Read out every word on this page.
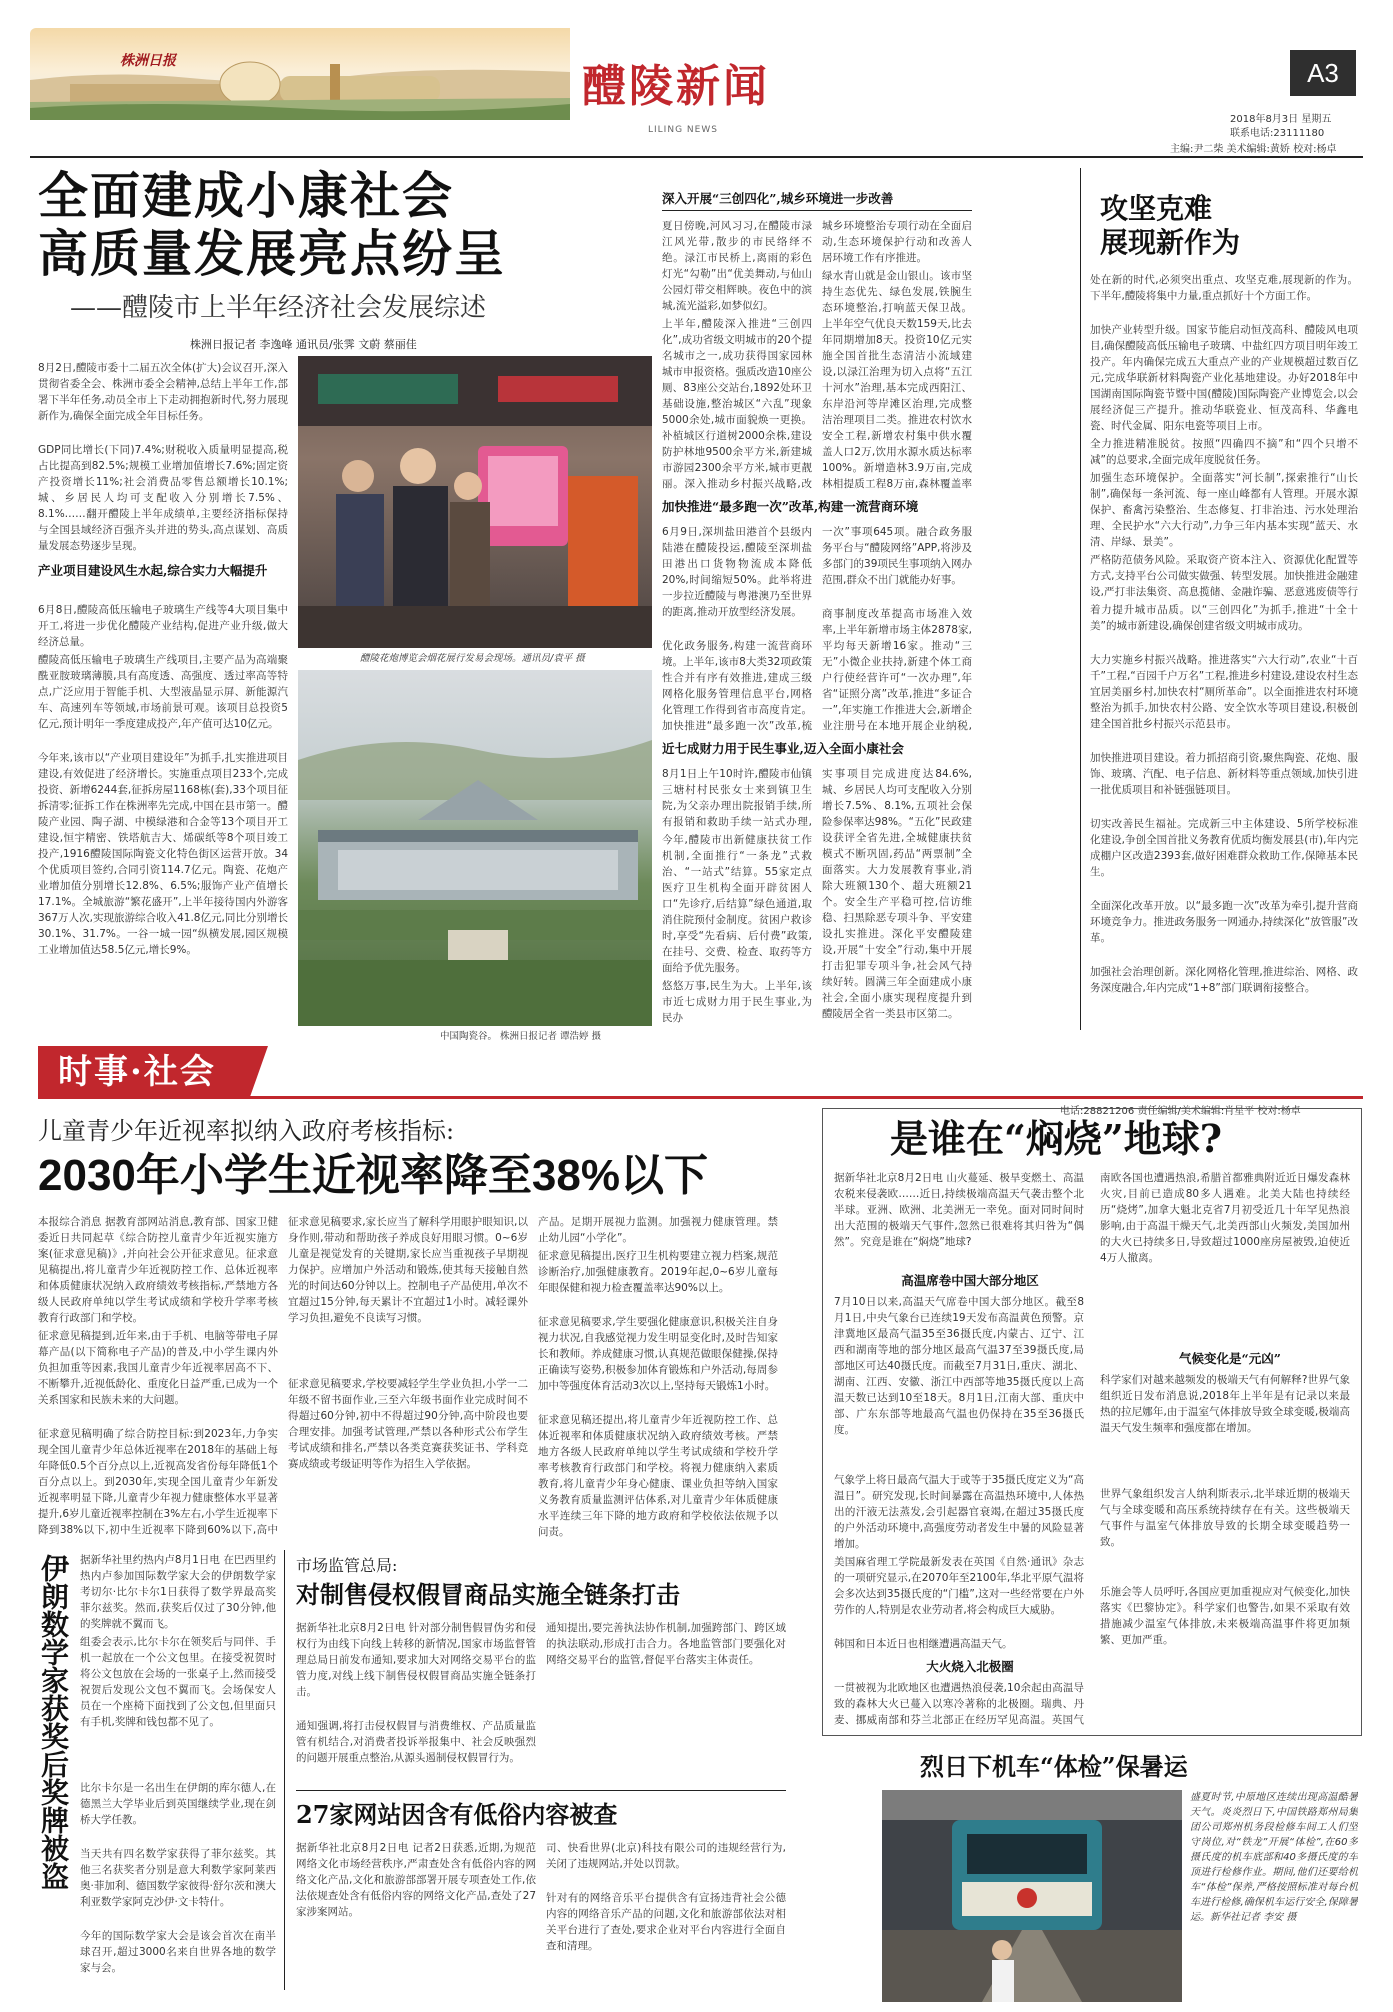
株洲日报	醴陵新闻
LILING NEWS
A3
2018年8月3日 星期五
联系电话:23111180
主编:尹二柴 美术编辑:黄娇 校对:杨卓
全面建成小康社会
高质量发展亮点纷呈
——醴陵市上半年经济社会发展综述
株洲日报记者 李逸峰 通讯员/张霁 文蔚 蔡丽佳
8月2日,醴陵市委十二届五次全体(扩大)会议召开,深入贯彻省委全会、株洲市委全会精神,总结上半年工作,部署下半年任务,动员全市上下走动拥抱新时代,努力展现新作为,确保全面完成全年目标任务。
GDP同比增长(下同)7.4%;财税收入质量明显提高,税占比提高到82.5%;规模工业增加值增长7.6%;固定资产投资增长11%;社会消费品零售总额增长10.1%;城、乡居民人均可支配收入分别增长7.5%、8.1%……翻开醴陵上半年成绩单,主要经济指标保持与全国县域经济百强齐头并进的势头,高点谋划、高质量发展态势逐步呈现。
产业项目建设风生水起,综合实力大幅提升
6月8日,醴陵高低压输电子玻璃生产线等4大项目集中开工,将进一步优化醴陵产业结构,促进产业升级,做大经济总量。
醴陵高低压输电子玻璃生产线项目,主要产品为高端聚酰亚胺玻璃薄膜,具有高度透、高强度、透过率高等特点,广泛应用于智能手机、大型液晶显示屏、新能源汽车、高速列车等领域,市场前景可观。该项目总投资5亿元,预计明年一季度建成投产,年产值可达10亿元。
今年来,该市以“产业项目建设年”为抓手,扎实推进项目建设,有效促进了经济增长。实施重点项目233个,完成投资、新增6244套,征拆房屋1168栋(套),33个项目征拆清零;征拆工作在株洲率先完成,中国在县市第一。醴陵产业园、陶子湖、中模绿港和合金等13个项目开工建设,恒宇精密、铁塔航吉大、烯碳纸等8个项目竣工投产,1916醴陵国际陶瓷文化特色街区运营开放。34个优质项目签约,合同引资114.7亿元。陶瓷、花炮产业增加值分别增长12.8%、6.5%;服饰产业产值增长17.1%。全城旅游“繁花盛开”,上半年接待国内外游客367万人次,实现旅游综合收入41.8亿元,同比分别增长30.1%、31.7%。一谷一城一园“纵横发展,园区规模工业增加值达58.5亿元,增长9%。
醴陵花炮博览会烟花展行发易会现场。通讯员/袁平 摄
中国陶瓷谷。 株洲日报记者 谭浩婷 摄
深入开展“三创四化”,城乡环境进一步改善
夏日傍晚,河风习习,在醴陵市渌江风光带,散步的市民络绎不绝。渌江市民桥上,离雨的彩色灯光“勾勒”出“优美舞动,与仙山公园灯带交相辉映。夜色中的滨城,流光溢彩,如梦似幻。
上半年,醴陵深入推进“三创四化”,成功省级文明城市的20个提名城市之一,成功获得国家园林城市申报资格。强质改造10座公厕、83座公交站台,1892处环卫基础设施,整治城区“六乱”现象5000余处,城市面貌焕一更换。补植城区行道树2000余株,建设防护林地9500余平方米,新建城市游园2300余平方米,城市更靓丽。深入推动乡村振兴战略,改
加快推进“最多跑一次”改革,构建一流营商环境
6月9日,深圳盐田港首个县级内陆港在醴陵投运,醴陵至深圳盐田港出口货物物流成本降低20%,时间缩短50%。此举将进一步拉近醴陵与粤港澳乃至世界的距离,推动开放型经济发展。
优化政务服务,构建一流营商环境。上半年,该市8大类32项政策性合并有序有效推进,建成三级网格化服务管理信息平台,网格化管理工作得到省市高度肯定。加快推进“最多跑一次”改革,梳
近七成财力用于民生事业,迈入全面小康社会
8月1日上午10时许,醴陵市仙镇三塘村村民张女士来到镇卫生院,为父亲办理出院报销手续,所有报销和救助手续一站式办理,
今年,醴陵市出新健康扶贫工作机制,全面推行“一条龙”式救治、“一站式”结算。55家定点医疗卫生机构全面开辟贫困人口“先诊疗,后结算”绿色通道,取消住院预付金制度。贫困户救诊时,享受“先看病、后付费”政策,在挂号、交费、检查、取药等方面给予优先服务。
悠悠万事,民生为大。上半年,该市近七成财力用于民生事业,为民办
城乡环境整治专项行动在全面启动,生态环境保护行动和改善人居环境工作有序推进。
绿水青山就是金山银山。该市坚持生态优先、绿色发展,铁腕生态环境整治,打响蓝天保卫战。上半年空气优良天数159天,比去年同期增加8天。投资10亿元实施全国首批生态清洁小流域建设,以渌江治理为切入点将“五江十河水”治理,基本完成西阳江、东岸沿河等岸滩区治理,完成整洁治理项目二类。推进农村饮水安全工程,新增农村集中供水覆盖人口2万,饮用水源水质达标率100%。新增造林3.9万亩,完成林相提质工程8万亩,森林覆盖率
一次”事项645项。融合政务服务平台与“醴陵网络”APP,将涉及多部门的39项民生事项纳入网办范围,群众不出门就能办好事。
商事制度改革提高市场准入效率,上半年新增市场主体2878家,平均每天新增16家。推动“三无”小微企业扶持,新建个体工商户行使经营许可“一次办理”,年省“证照分离”改革,推进“多证合一”,年实施工作推进大会,新增企业注册号在本地开展企业纳税,
实事项目完成进度达84.6%,城、乡居民人均可支配收入分别增长7.5%、8.1%,五项社会保险参保率达98%。“五化”民政建设获评全省先进,全城健康扶贫模式不断巩固,药品“两票制”全面落实。大力发展教育事业,消除大班额130个、超大班额21个。安全生产平稳可控,信访维稳、扫黑除恶专项斗争、平安建设扎实推进。深化平安醴陵建设,开展“十安全”行动,集中开展打击犯罪专项斗争,社会风气持续好转。圆满三年全面建成小康社会,全面小康实现程度提升到醴陵居全省一类县市区第二。
攻坚克难
展现新作为
处在新的时代,必须突出重点、攻坚克难,展现新的作为。下半年,醴陵将集中力量,重点抓好十个方面工作。
加快产业转型升级。国家节能启动恒茂高科、醴陵风电项目,确保醴陵高低压输电子玻璃、中盐红四方项目明年竣工投产。年内确保完成五大重点产业的产业规模超过数百亿元,完成华联新材料陶瓷产业化基地建设。办好2018年中国湖南国际陶瓷节暨中国(醴陵)国际陶瓷产业博览会,以会展经济促三产提升。推动华联瓷业、恒茂高科、华鑫电瓷、时代金属、阳东电瓷等项目上市。
全力推进精准脱贫。按照“四确四不摘”和“四个只增不减”的总要求,全面完成年度脱贫任务。
加强生态环境保护。全面落实“河长制”,探索推行“山长制”,确保每一条河流、每一座山峰都有人管理。开展水源保护、畜禽污染整治、生态修复、打非治违、污水处理治理、全民护水“六大行动”,力争三年内基本实现“蓝天、水清、岸绿、景美”。
严格防范债务风险。采取资产资本注入、资源优化配置等方式,支持平台公司做实做强、转型发展。加快推进金融建设,严打非法集资、高息揽储、金融诈骗、恶意逃废债等行
着力提升城市品质。以“三创四化”为抓手,推进“十全十美”的城市新建设,确保创建省级文明城市成功。
大力实施乡村振兴战略。推进落实“六大行动”,农业“十百千”工程,“百园千户万名”工程,推进乡村建设,建设农村生态宜居美丽乡村,加快农村“厕所革命”。以全面推进农村环境整治为抓手,加快农村公路、安全饮水等项目建设,积极创建全国首批乡村振兴示范县市。
加快推进项目建设。着力抓招商引资,聚焦陶瓷、花炮、服饰、玻璃、汽配、电子信息、新材料等重点领域,加快引进一批优质项目和补链强链项目。
切实改善民生福祉。完成新三中主体建设、5所学校标准化建设,争创全国首批义务教育优质均衡发展县(市),年内完成棚户区改造2393套,做好困难群众救助工作,保障基本民生。
全面深化改革开放。以“最多跑一次”改革为牵引,提升营商环境竞争力。推进政务服务一网通办,持续深化“放管服”改革。
加强社会治理创新。深化网格化管理,推进综治、网格、政务深度融合,年内完成“1+8”部门联调衔接整合。
时事·社会
电话:28821206 责任编辑/美术编辑:肖星平 校对:杨卓
儿童青少年近视率拟纳入政府考核指标:
2030年小学生近视率降至38%以下
本报综合消息 据教育部网站消息,教育部、国家卫健委近日共同起草《综合防控儿童青少年近视实施方案(征求意见稿)》,并向社会公开征求意见。征求意见稿提出,将儿童青少年近视防控工作、总体近视率和体质健康状况纳入政府绩效考核指标,严禁地方各级人民政府单纯以学生考试成绩和学校升学率考核教育行政部门和学校。
征求意见稿提到,近年来,由于手机、电脑等带电子屏幕产品(以下简称电子产品)的普及,中小学生课内外负担加重等因素,我国儿童青少年近视率居高不下、不断攀升,近视低龄化、重度化日益严重,已成为一个关系国家和民族未来的大问题。
征求意见稿明确了综合防控目标:到2023年,力争实现全国儿童青少年总体近视率在2018年的基础上每年降低0.5个百分点以上,近视高发省份每年降低1个百分点以上。到2030年,实现全国儿童青少年新发近视率明显下降,儿童青少年视力健康整体水平显著提升,6岁儿童近视率控制在3%左右,小学生近视率下降到38%以下,初中生近视率下降到60%以下,高中
征求意见稿要求,家长应当了解科学用眼护眼知识,以身作则,带动和帮助孩子养成良好用眼习惯。0~6岁儿童是视觉发育的关键期,家长应当重视孩子早期视力保护。应增加户外活动和锻炼,使其每天接触自然光的时间达60分钟以上。控制电子产品使用,单次不宜超过15分钟,每天累计不宜超过1小时。减轻课外学习负担,避免不良读写习惯。
征求意见稿要求,学校要减轻学生学业负担,小学一二年级不留书面作业,三至六年级书面作业完成时间不得超过60分钟,初中不得超过90分钟,高中阶段也要合理安排。加强考试管理,严禁以各种形式公布学生考试成绩和排名,严禁以各类竞赛获奖证书、学科竞赛成绩或考级证明等作为招生入学依据。
产品。足期开展视力监测。加强视力健康管理。禁止幼儿园“小学化”。
征求意见稿提出,医疗卫生机构要建立视力档案,规范诊断治疗,加强健康教育。2019年起,0~6岁儿童每年眼保健和视力检查覆盖率达90%以上。
征求意见稿要求,学生要强化健康意识,积极关注自身视力状况,自我感觉视力发生明显变化时,及时告知家长和教师。养成健康习惯,认真规范做眼保健操,保持正确读写姿势,积极参加体育锻炼和户外活动,每周参加中等强度体育活动3次以上,坚持每天锻炼1小时。
征求意见稿还提出,将儿童青少年近视防控工作、总体近视率和体质健康状况纳入政府绩效考核。严禁地方各级人民政府单纯以学生考试成绩和学校升学率考核教育行政部门和学校。将视力健康纳入素质教育,将儿童青少年身心健康、课业负担等纳入国家义务教育质量监测评估体系,对儿童青少年体质健康水平连续三年下降的地方政府和学校依法依规予以问责。
是谁在“焖烧”地球?
据新华社北京8月2日电 山火蔓延、极旱变燃土、高温农税来侵袭欧……近日,持续极端高温天气袭击整个北半球。亚洲、欧洲、北美洲无一幸免。面对同时间时出大范围的极端天气事件,忽然已很难将其归咎为“偶然”。究竟是谁在“焖烧”地球?
高温席卷中国大部分地区
7月10日以来,高温天气席卷中国大部分地区。截至8月1日,中央气象台已连续19天发布高温黄色预警。京津冀地区最高气温35至36摄氏度,内蒙古、辽宁、江西和湖南等地的部分地区最高气温37至39摄氏度,局部地区可达40摄氏度。而截至7月31日,重庆、湖北、湖南、江西、安徽、浙江中西部等地35摄氏度以上高温天数已达到10至18天。8月1日,江南大部、重庆中部、广东东部等地最高气温也仍保持在35至36摄氏度。
气象学上将日最高气温大于或等于35摄氏度定义为“高温日”。研究发现,长时间暴露在高温热环境中,人体热出的汗液无法蒸发,会引起器官衰竭,在超过35摄氏度的户外活动环境中,高强度劳动者发生中暑的风险显著增加。
美国麻省理工学院最新发表在英国《自然·通讯》杂志的一项研究显示,在2070年至2100年,华北平原气温将会多次达到35摄氏度的“门槛”,这对一些经常要在户外劳作的人,特别是农业劳动者,将会构成巨大威胁。
韩国和日本近日也相继遭遇高温天气。
大火烧入北极圈
一贯被视为北欧地区也遭遇热浪侵袭,10余起由高温导致的森林大火已蔓入以寒冷著称的北极圈。瑞典、丹麦、挪威南部和芬兰北部正在经历罕见高温。英国气
南欧各国也遭遇热浪,希腊首都雅典附近近日爆发森林火灾,目前已造成80多人遇难。北美大陆也持续经历“烧烤”,加拿大魁北克省7月初受近几十年罕见热浪影响,由于高温干燥天气,北美西部山火频发,美国加州的大火已持续多日,导致超过1000座房屋被毁,迫使近4万人撤离。
气候变化是“元凶”
科学家们对越来越频发的极端天气有何解释?世界气象组织近日发布消息说,2018年上半年是有记录以来最热的拉尼娜年,由于温室气体排放导致全球变暖,极端高温天气发生频率和强度都在增加。
世界气象组织发言人纳利斯表示,北半球近期的极端天气与全球变暖和高压系统持续存在有关。这些极端天气事件与温室气体排放导致的长期全球变暖趋势一致。
乐施会等人员呼吁,各国应更加重视应对气候变化,加快落实《巴黎协定》。科学家们也警告,如果不采取有效措施减少温室气体排放,未来极端高温事件将更加频繁、更加严重。
烈日下机车“体检”保暑运
盛夏时节,中原地区连续出现高温酷暑天气。炎炎烈日下,中国铁路郑州局集团公司郑州机务段检修车间工人们坚守岗位,对“铁龙”开展“体检”,在60多摄氏度的机车底部和40多摄氏度的车顶进行检修作业。期间,他们还要给机车“体检”保养,严格按照标准对每台机车进行检修,确保机车运行安全,保障暑运。新华社记者 李安 摄
伊朗数学家获奖后奖牌被盗 据新华社里约热内卢8月1日电 在巴西里约热内卢参加国际数学家大会的伊朗数学家考切尔·比尔卡尔1日获得了数学界最高奖菲尔兹奖。然而,获奖后仅过了30分钟,他的奖牌就不翼而飞。
组委会表示,比尔卡尔在领奖后与同伴、手机一起放在一个公文包里。在接受祝贺时将公文包放在会场的一张桌子上,然而接受祝贺后发现公文包不翼而飞。会场保安人员在一个座椅下面找到了公文包,但里面只有手机,奖牌和钱包都不见了。
比尔卡尔是一名出生在伊朗的库尔德人,在德黑兰大学毕业后到英国继续学业,现在剑桥大学任教。
当天共有四名数学家获得了菲尔兹奖。其他三名获奖者分别是意大利数学家阿莱西奥·菲加利、德国数学家彼得·舒尔茨和澳大利亚数学家阿克沙伊·文卡特什。
今年的国际数学家大会是该会首次在南半球召开,超过3000名来自世界各地的数学家与会。
市场监管总局:
对制售侵权假冒商品实施全链条打击
据新华社北京8月2日电 针对部分制售假冒伪劣和侵权行为由线下向线上转移的新情况,国家市场监督管理总局日前发布通知,要求加大对网络交易平台的监管力度,对线上线下制售侵权假冒商品实施全链条打击。
通知强调,将打击侵权假冒与消费维权、产品质量监管有机结合,对消费者投诉举报集中、社会反映强烈的问题开展重点整治,从源头遏制侵权假冒行为。
通知提出,要完善执法协作机制,加强跨部门、跨区域的执法联动,形成打击合力。各地监管部门要强化对网络交易平台的监管,督促平台落实主体责任。
27家网站因含有低俗内容被查
据新华社北京8月2日电 记者2日获悉,近期,为规范网络文化市场经营秩序,严肃查处含有低俗内容的网络文化产品,文化和旅游部部署开展专项查处工作,依法依规查处含有低俗内容的网络文化产品,查处了27家涉案网站。
司、快看世界(北京)科技有限公司的违规经营行为,关闭了违规网站,并处以罚款。
针对有的网络音乐平台提供含有宣扬违背社会公德内容的网络音乐产品的问题,文化和旅游部依法对相关平台进行了查处,要求企业对平台内容进行全面自查和清理。
